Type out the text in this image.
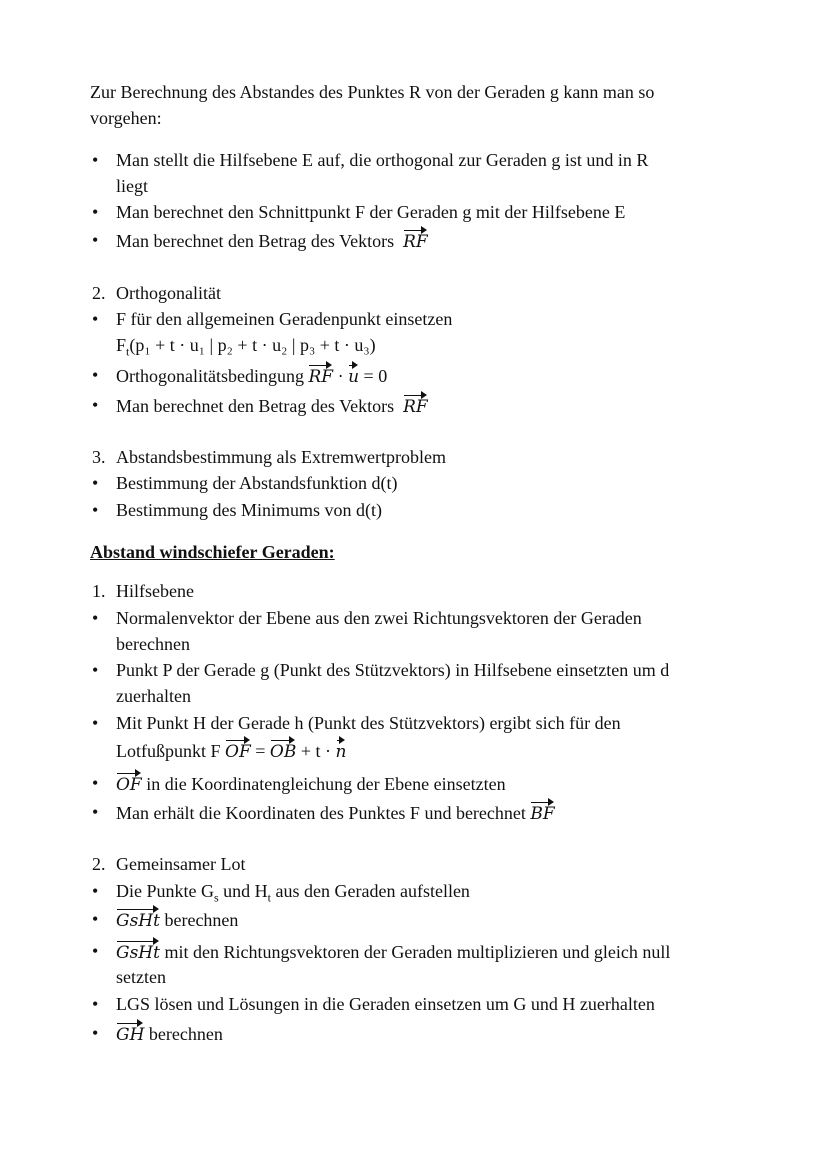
Zur Berechnung des Abstandes des Punktes R von der Geraden g kann man so
vorgehen:
• Man stellt die Hilfsebene E auf, die orthogonal zur Geraden g ist und in R
liegt
• Man berechnet den Schnittpunkt F der Geraden g mit der Hilfsebene E
• Man berechnet den Betrag des Vektors RF
2. Orthogonalität
• F für den allgemeinen Geradenpunkt einsetzen
$F_t(p_1 + t \cdot u_1$ | p₂ + t · u₂ | p₃ + t · u₃)
• Orthogonalitätsbedingung RF · u = 0
• Man berechnet den Betrag des Vektors RF
3. Abstandsbestimmung als Extremwertproblem
• Bestimmung der Abstandsfunktion d(t)
• Bestimmung des Minimums von d(t)
Abstand windschiefer Geraden:
1. Hilfsebene
• Normalenvektor der Ebene aus den zwei Richtungsvektoren der Geraden
berechnen
• Punkt P der Gerade g (Punkt des Stützvektors) in Hilfsebene einsetzten um d
zuerhalten
• Mit Punkt H der Gerade h (Punkt des Stützvektors) ergibt sich für den
Lotfußpunkt F OF = OB + t · n
• OF in die Koordinatengleichung der Ebene einsetzten
• Man erhält die Koordinaten des Punktes F und berechnet BF
2. Gemeinsamer Lot
• Die Punkte $G_s$ und $H_t$ aus den Geraden aufstellen
• GsHt berechnen
• GsHt mit den Richtungsvektoren der Geraden multiplizieren und gleich null
setzten
• LGS lösen und Lösungen in die Geraden einsetzen um G und H zuerhalten
• GH berechnen
